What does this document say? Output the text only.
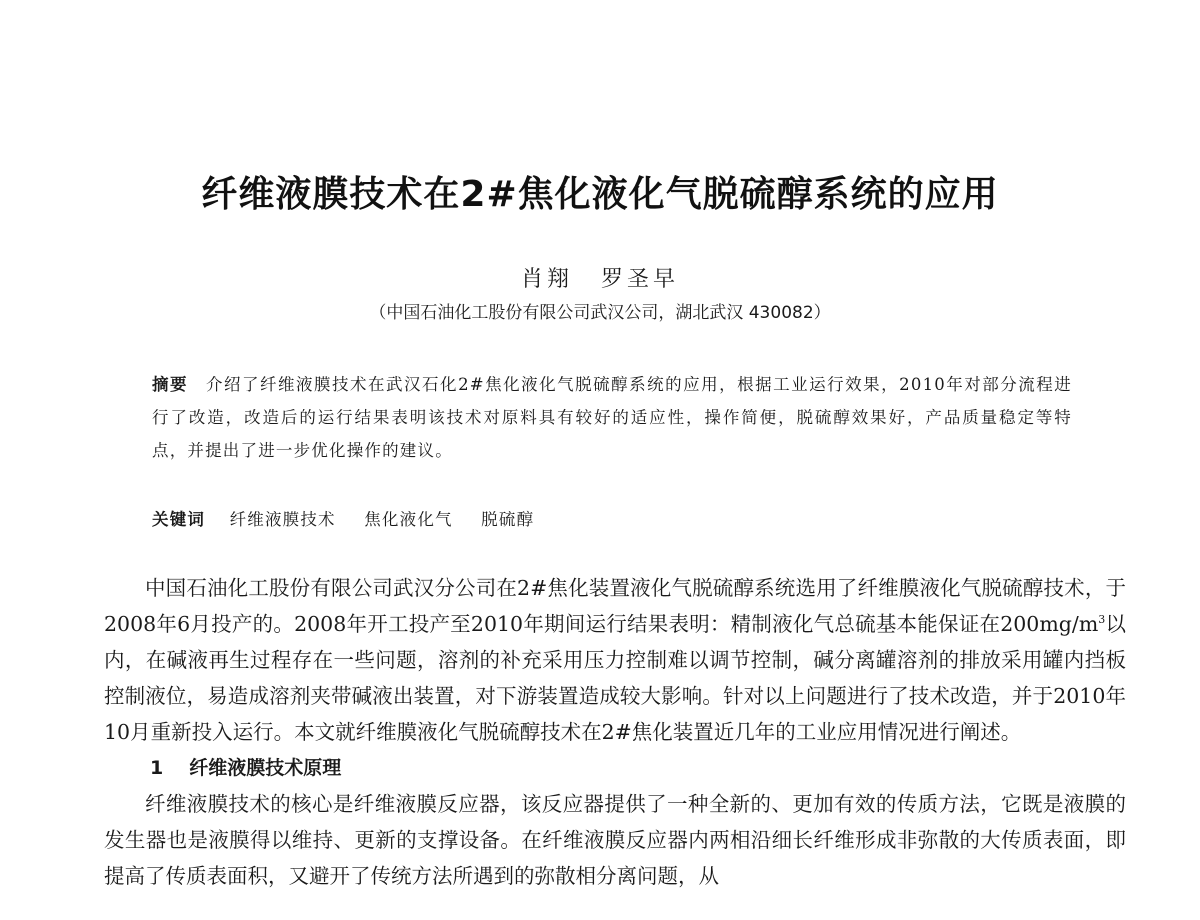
纤维液膜技术在2#焦化液化气脱硫醇系统的应用
肖翔 罗圣早
（中国石油化工股份有限公司武汉公司，湖北武汉 430082）
摘要 介绍了纤维液膜技术在武汉石化2#焦化液化气脱硫醇系统的应用，根据工业运行效果，2010年对部分流程进行了改造，改造后的运行结果表明该技术对原料具有较好的适应性，操作简便，脱硫醇效果好，产品质量稳定等特点，并提出了进一步优化操作的建议。
关键词 纤维液膜技术 焦化液化气 脱硫醇

中国石油化工股份有限公司武汉分公司在2#焦化装置液化气脱硫醇系统选用了纤维膜液化气脱硫醇技术，于2008年6月投产的。2008年开工投产至2010年期间运行结果表明：精制液化气总硫基本能保证在$200mg/m^3$以内，在碱液再生过程存在一些问题，溶剂的补充采用压力控制难以调节控制，碱分离罐溶剂的排放采用罐内挡板控制液位，易造成溶剂夹带碱液出装置，对下游装置造成较大影响。针对以上问题进行了技术改造，并于2010年10月重新投入运行。本文就纤维膜液化气脱硫醇技术在2#焦化装置近几年的工业应用情况进行阐述。

1 纤维液膜技术原理

纤维液膜技术的核心是纤维液膜反应器，该反应器提供了一种全新的、更加有效的传质方法，它既是液膜的发生器也是液膜得以维持、更新的支撑设备。在纤维液膜反应器内两相沿细长纤维形成非弥散的大传质表面，即提高了传质表面积，又避开了传统方法所遇到的弥散相分离问题，从
